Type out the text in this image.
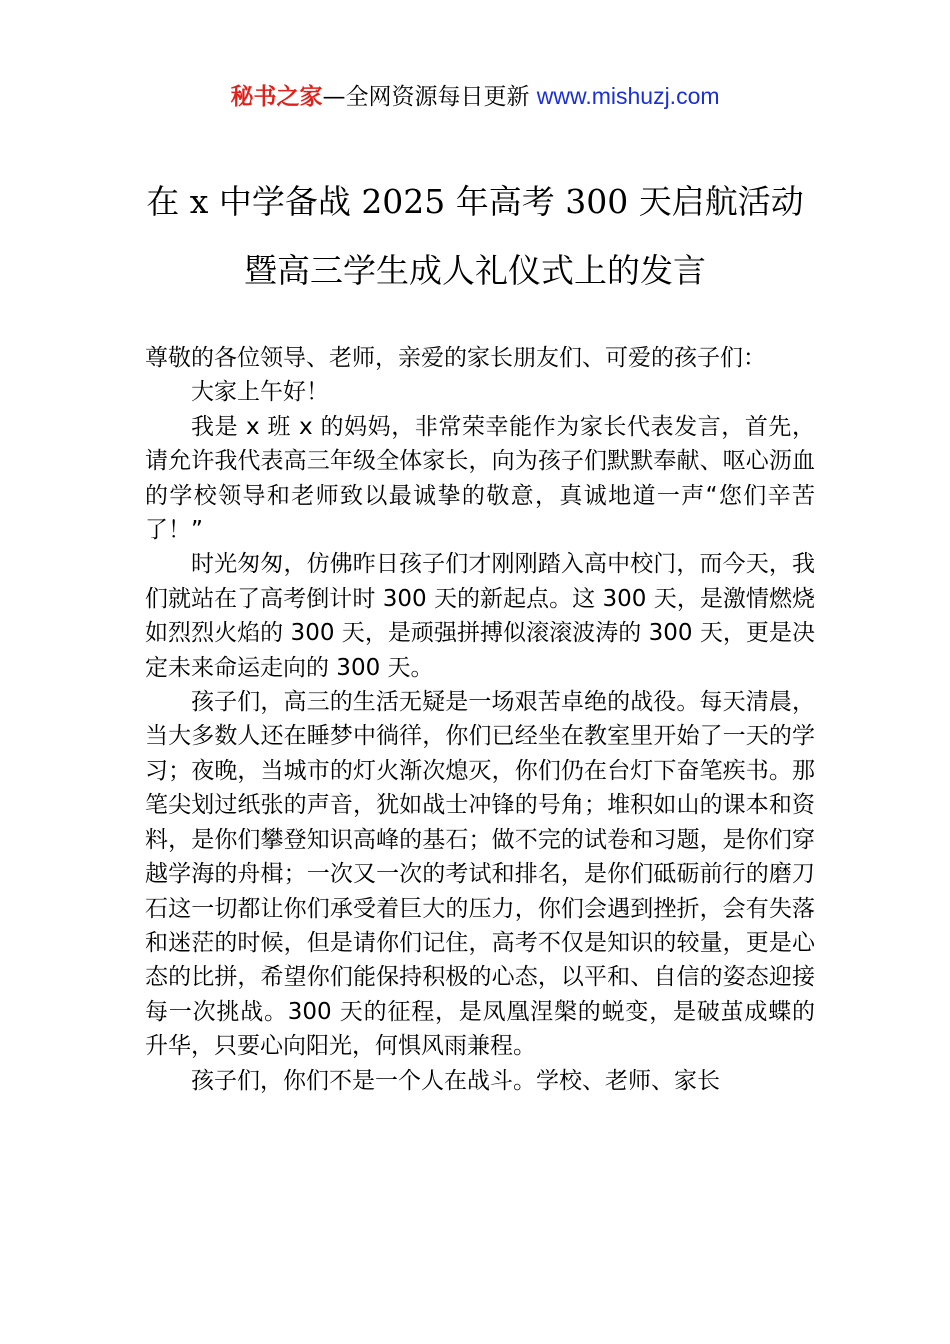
秘书之家—全网资源每日更新 www.mishuzj.com
在 x 中学备战 2025 年高考 300 天启航活动
暨高三学生成人礼仪式上的发言

尊敬的各位领导、老师，亲爱的家长朋友们、可爱的孩子们：

大家上午好！

我是 x 班 x 的妈妈，非常荣幸能作为家长代表发言，首先，请允许我代表高三年级全体家长，向为孩子们默默奉献、呕心沥血的学校领导和老师致以最诚挚的敬意，真诚地道一声“您们辛苦了！”

时光匆匆，仿佛昨日孩子们才刚刚踏入高中校门，而今天，我们就站在了高考倒计时 300 天的新起点。这 300 天，是激情燃烧如烈烈火焰的 300 天，是顽强拼搏似滚滚波涛的 300 天，更是决定未来命运走向的 300 天。

孩子们，高三的生活无疑是一场艰苦卓绝的战役。每天清晨，当大多数人还在睡梦中徜徉，你们已经坐在教室里开始了一天的学习；夜晚，当城市的灯火渐次熄灭，你们仍在台灯下奋笔疾书。那笔尖划过纸张的声音，犹如战士冲锋的号角；堆积如山的课本和资料，是你们攀登知识高峰的基石；做不完的试卷和习题，是你们穿越学海的舟楫；一次又一次的考试和排名，是你们砥砺前行的磨刀石这一切都让你们承受着巨大的压力，你们会遇到挫折，会有失落和迷茫的时候，但是请你们记住，高考不仅是知识的较量，更是心态的比拼，希望你们能保持积极的心态，以平和、自信的姿态迎接每一次挑战。300 天的征程，是凤凰涅槃的蜕变，是破茧成蝶的升华，只要心向阳光，何惧风雨兼程。

孩子们，你们不是一个人在战斗。学校、老师、家长
